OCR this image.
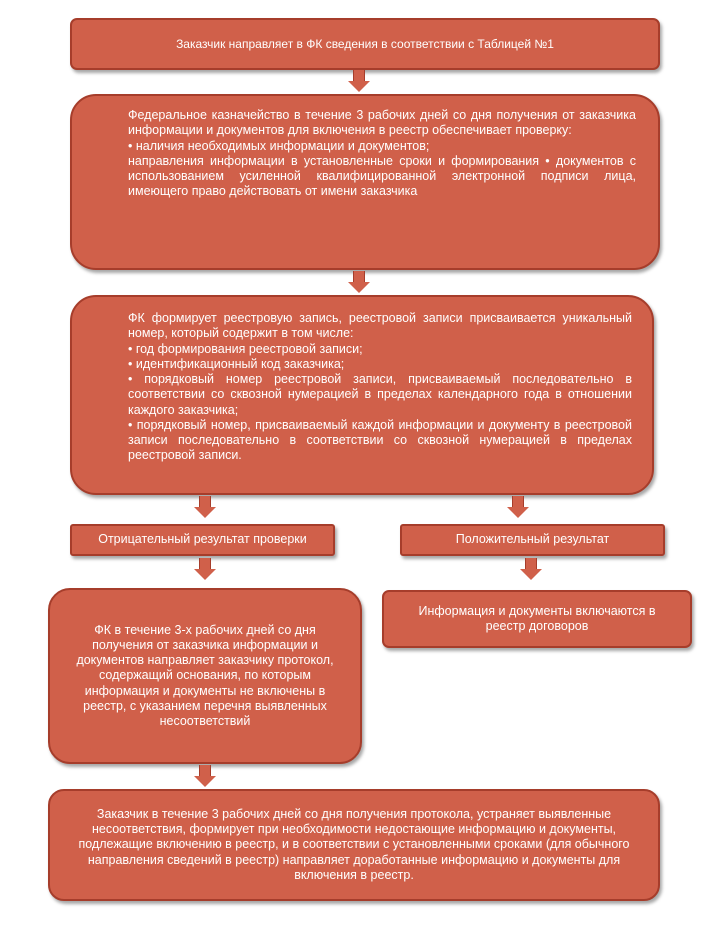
Заказчик направляет в ФК сведения в соответствии с Таблицей №1

Федеральное казначейство в течение 3 рабочих дней со дня получения от заказчика информации и документов для включения в реестр обеспечивает проверку:

• наличия необходимых информации и документов;

направления информации в установленные сроки и формирования • документов с использованием усиленной квалифицированной электронной подписи лица, имеющего право действовать от имени заказчика

ФК формирует реестровую запись, реестровой записи присваивается уникальный номер, который содержит в том числе:

• год формирования реестровой записи;

• идентификационный код заказчика;

• порядковый номер реестровой записи, присваиваемый последовательно в соответствии со сквозной нумерацией в пределах календарного года в отношении каждого заказчика;

• порядковый номер, присваиваемый каждой информации и документу в реестровой записи последовательно в соответствии со сквозной нумерацией в пределах реестровой записи.

Отрицательный результат проверки	Положительный результат
ФК в течение 3-х рабочих дней со дня получения от заказчика информации и документов направляет заказчику протокол, содержащий основания, по которым информация и документы не включены в реестр, с указанием перечня выявленных несоответствий
Информация и документы включаются в реестр договоров
Заказчик в течение 3 рабочих дней со дня получения протокола, устраняет выявленные несоответствия, формирует при необходимости недостающие информацию и документы, подлежащие включению в реестр, и в соответствии с установленными сроками (для обычного направления сведений в реестр) направляет доработанные информацию и документы для включения в реестр.
